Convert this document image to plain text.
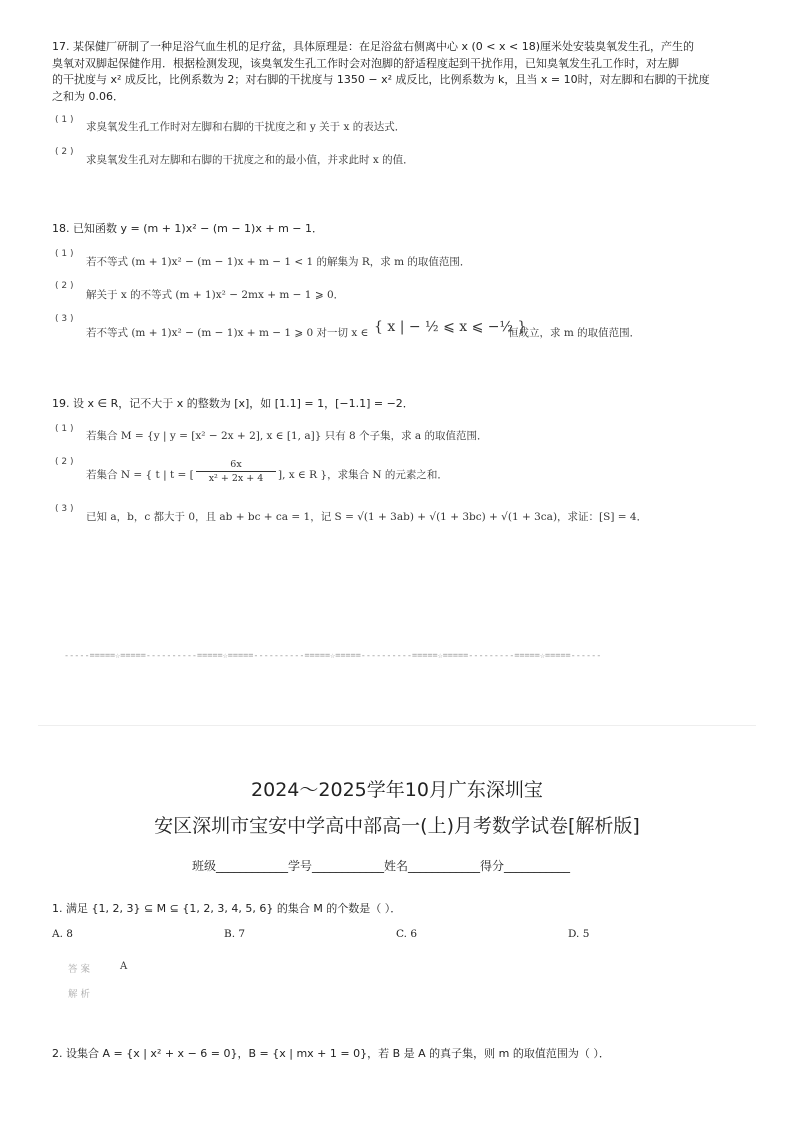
17. 某保健厂研制了一种足浴气血生机的足疗盆，具体原理是：在足浴盆右侧离中心 x (0 < x < 18)厘米处安装臭氧发生孔，产生的
臭氧对双脚起保健作用．根据检测发现，该臭氧发生孔工作时会对泡脚的舒适程度起到干扰作用，已知臭氧发生孔工作时，对左脚
的干扰度与 x² 成反比，比例系数为 2；对右脚的干扰度与 1350 − x² 成反比，比例系数为 k，且当 x = 10时，对左脚和右脚的干扰度
之和为 0.06．
( 1 )
求臭氧发生孔工作时对左脚和右脚的干扰度之和 y 关于 x 的表达式．
( 2 )
求臭氧发生孔对左脚和右脚的干扰度之和的最小值，并求此时 x 的值．
18. 已知函数 y = (m + 1)x² − (m − 1)x + m − 1．
( 1 )
若不等式 (m + 1)x² − (m − 1)x + m − 1 < 1 的解集为 R，求 m 的取值范围．
( 2 )
解关于 x 的不等式 (m + 1)x² − 2mx + m − 1 ⩾ 0．
( 3 )
若不等式 (m + 1)x² − (m − 1)x + m − 1 ⩾ 0 对一切 x ∈ { x | − ½ ⩽ x ⩽ −½ }
恒成立，求 m 的取值范围．
19. 设 x ∈ R，记不大于 x 的整数为 [x]，如 [1.1] = 1，[−1.1] = −2．
( 1 )
若集合 M = {y | y = [x² − 2x + 2], x ∈ [1, a]} 只有 8 个子集，求 a 的取值范围．
( 2 )
若集合 N = { t | t = [ $\frac{6x}{\text{x² + 2x + 4}}$ ], x ∈ R }，求集合 N 的元素之和．
( 3 )
已知 a，b，c 都大于 0，且 ab + bc + ca = 1，记 S = √(1 + 3ab) + √(1 + 3bc) + √(1 + 3ca)，求证：[S] = 4．
-----=====☆=====----------=====☆=====----------=====☆=====----------=====☆=====---------=====☆=====------
2024～2025学年10月广东深圳宝
安区深圳市宝安中学高中部高一(上)月考数学试卷[解析版]
班级____________学号____________姓名____________得分___________
1. 满足 {1, 2, 3} ⊆ M ⊆ {1, 2, 3, 4, 5, 6} 的集合 M 的个数是（ ）．
A. 8	B. 7	C. 6	D. 5
答案	A
解析
2. 设集合 A = {x | x² + x − 6 = 0}，B = {x | mx + 1 = 0}，若 B 是 A 的真子集，则 m 的取值范围为（ ）．
